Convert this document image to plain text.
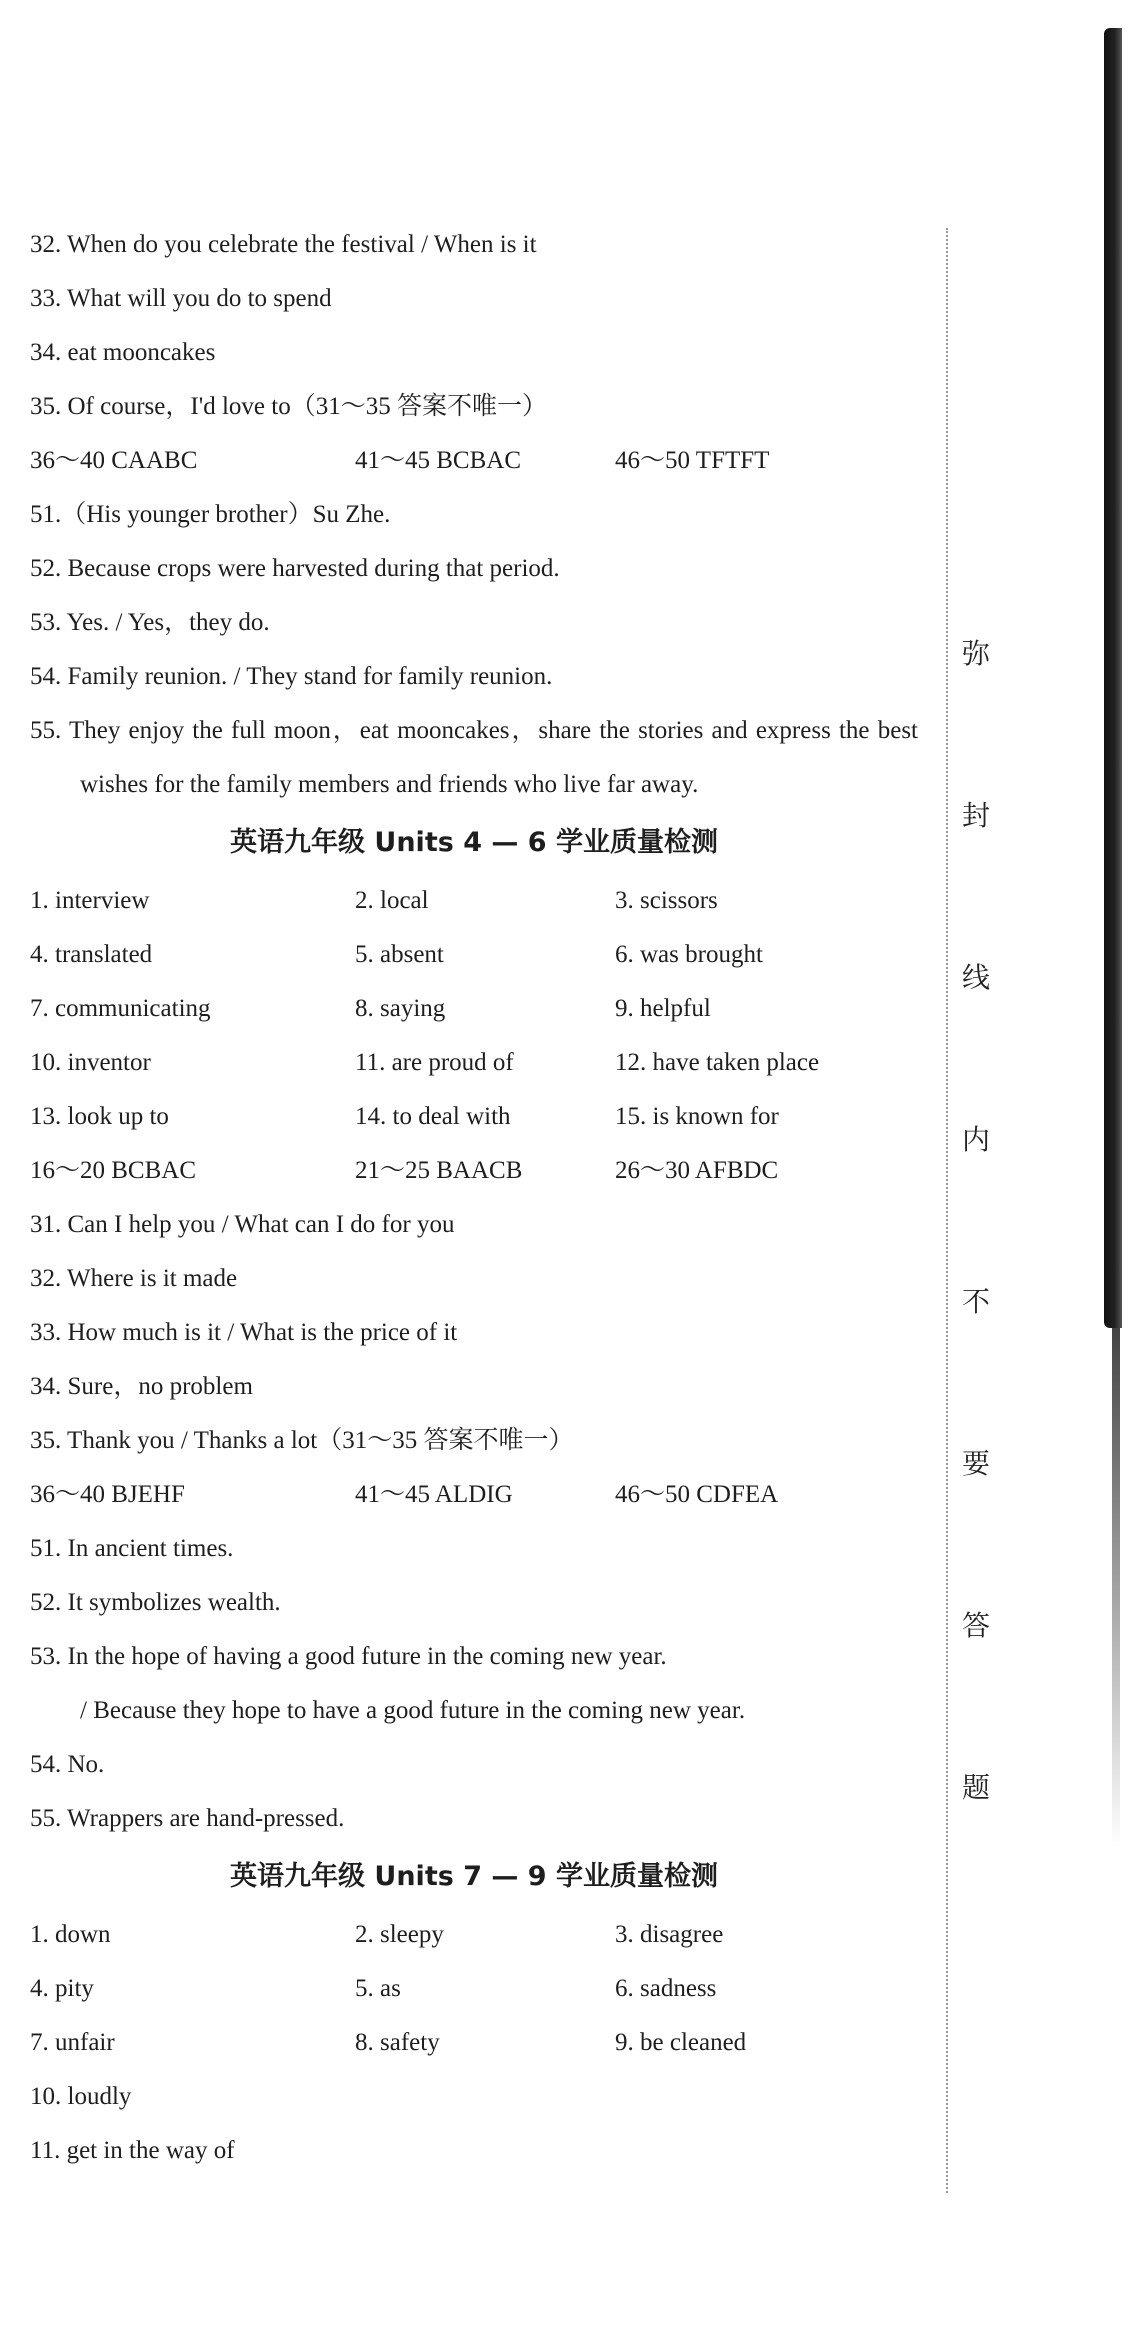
32. When do you celebrate the festival / When is it
33. What will you do to spend
34. eat mooncakes
35. Of course，I'd love to（31～35 答案不唯一）
36～40 CAABC	41～45 BCBAC	46～50 TFTFT
51.（His younger brother）Su Zhe.
52. Because crops were harvested during that period.
53. Yes. / Yes，they do.
54. Family reunion. / They stand for family reunion.
55. They enjoy the full moon，eat mooncakes，share the stories and express the best wishes for the family members and friends who live far away.
英语九年级 Units 4 — 6 学业质量检测
1. interview	2. local	3. scissors
4. translated	5. absent	6. was brought
7. communicating	8. saying	9. helpful
10. inventor	11. are proud of	12. have taken place
13. look up to	14. to deal with	15. is known for
16～20 BCBAC	21～25 BAACB	26～30 AFBDC
31. Can I help you / What can I do for you
32. Where is it made
33. How much is it / What is the price of it
34. Sure，no problem
35. Thank you / Thanks a lot（31～35 答案不唯一）
36～40 BJEHF	41～45 ALDIG	46～50 CDFEA
51. In ancient times.
52. It symbolizes wealth.
53. In the hope of having a good future in the coming new year.
/ Because they hope to have a good future in the coming new year.
54. No.
55. Wrappers are hand-pressed.
英语九年级 Units 7 — 9 学业质量检测
1. down	2. sleepy	3. disagree
4. pity	5. as	6. sadness
7. unfair	8. safety	9. be cleaned
10. loudly
11. get in the way of
弥
封
线
内
不
要
答
题
